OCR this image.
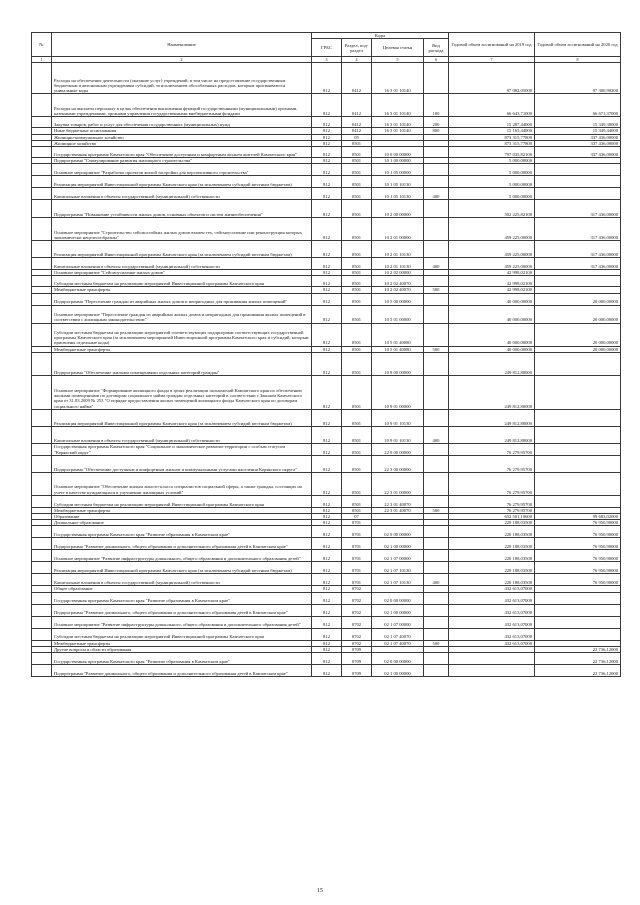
№	Наименование	Коды				Годовой объем ассигнований на 2019 год	Годовой объем ассигнований на 2020 год
		ГРБС	Раздел, под-раздел	Целевая статья	Вид расхода		
1	2	3	4	5	6	7	8
	Расходы на обеспечение деятельности (оказание услуг) учреждений, в том числе на предоставление государственным бюджетным и автономным учреждениям субсидий, за исключением обособленных расходов, которым присваиваются уникальные коды	812	0412	16 3 01 10140		97 082,05000	97 300,90200
	Расходы на выплаты персоналу в целях обеспечения выполнения функций государственными (муниципальными) органами, казенными учреждениями, органами управления государственными внебюджетными фондами	812	0412	16 3 01 10140	100	66 643,71000	66 671,37000
	Закупка товаров, работ и услуг для обеспечения государственных (муниципальных) нужд	812	0412	16 3 01 10140	200	15 287,44000	15 349,38000
	Иные бюджетные ассигнования	812	0412	16 3 01 10140	800	15 165,44000	15 349,44000
	Жилищно-коммунальное хозяйство	812	05			873 315,77800	337 436,00000
	Жилищное хозяйство	812	0501			873 315,77800	337 436,00000
	Государственная программа Камчатского края "Обеспечение доступным и комфортным жильем жителей Камчатского края"	812	0501	10 0 00 00000		797 035,82100	337 436,00000
	Подпрограмма "Стимулирование развития жилищного строительства"	812	0501	10 1 00 00000		5 000,00000	
	Основное мероприятие "Разработка проектов жилой застройки для перспективного строительства"	812	0501	10 1 05 00000		5 000,00000	
	Реализация мероприятий Инвестиционной программы Камчатского края (за исключением субсидий местным бюджетам)	812	0501	10 1 05 10130		5 000,00000	
	Капитальные вложения в объекты государственной (муниципальной) собственности	812	0501	10 1 05 10130	400	5 000,00000	
	Подпрограмма "Повышение устойчивости жилых домов, основных объектов и систем жизнеобеспечения"	812	0501	10 2 00 00000		502 225,82100	317 436,00000
	Основное мероприятие "Строительство сейсмостойких жилых домов взамен тех, сейсмоусиление или реконструкция которых экономически нецелесообразны"	812	0501	10 2 01 00000		459 225,00000	317 436,00000
	Реализация мероприятий Инвестиционной программы Камчатского края (за исключением субсидий местным бюджетам)	812	0501	10 2 01 10130		459 225,00000	317 436,00000
	Капитальные вложения в объекты государственной (муниципальной) собственности	812	0501	10 2 01 10130	400	459 225,00000	317 436,00000
	Основное мероприятие "Сейсмоусиление жилых домов"	812	0501	10 2 02 00000		42 998,02100	
	Субсидии местным бюджетам на реализацию мероприятий Инвестиционной программы Камчатского края	812	0501	10 2 02 40070		42 998,02100	
	Межбюджетные трансферты	812	0501	10 2 02 40070	500	42 998,02100	
	Подпрограмма "Переселение граждан из аварийных жилых домов и непригодных для проживания жилых помещений"	812	0501	10 5 00 00000		40 000,00000	20 000,00000
	Основное мероприятие "Переселение граждан из аварийных жилых домов и непригодных для проживания жилых помещений в соответствии с жилищным законодательством"	812	0501	10 5 01 00000		40 000,00000	20 000,00000
	Субсидии местным бюджетам на реализацию мероприятий соответствующих подпрограмм соответствующих государственной программы Камчатского края (за исключением мероприятий Инвестиционной программы Камчатского края и субсидий, которым присвоены отдельные коды)	812	0501	10 5 01 40080		40 000,00000	20 000,00000
	Межбюджетные трансферты	812	0501	10 5 01 40080	500	40 000,00000	20 000,00000
	Подпрограмма "Обеспечение жилыми помещениями отдельных категорий граждан"	812	0501	10 9 00 00000		249 812,80000	
	Основное мероприятие "Формирование жилищного фонда в целях реализации полномочий Камчатского края по обеспечению жилыми помещениями по договорам социального найма граждан отдельных категорий в соответствии с Законом Камчатского края от 31.03.2009 № 253 "О порядке предоставления жилых помещений жилищного фонда Камчатского края по договорам социального найма"	812	0501	10 9 01 00000		249 812,80000	
	Реализация мероприятий Инвестиционной программы Камчатского края (за исключением субсидий местным бюджетам)	812	0501	10 9 01 10130		249 812,80000	
	Капитальные вложения в объекты государственной (муниципальной) собственности	812	0501	10 9 01 10130	400	249 812,80000	
	Государственная программа Камчатского края "Социальное и экономическое развитие территории с особым статусом "Корякский округ"	812	0501	22 0 00 00000		76 279,95700	
	Подпрограмма "Обеспечение доступным и комфортным жильем и коммунальными услугами населения Корякского округа"	812	0501	22 3 00 00000		76 279,95700	
	Основное мероприятие "Обеспечение жилым жилого-класса специалистов социальной сферы, а также граждан, состоящих на учете в качестве нуждающихся в улучшении жилищных условий"	812	0501	22 3 01 00000		76 279,95700	
	Субсидии местным бюджетам на реализацию мероприятий Инвестиционной программы Камчатского края	812	0501	22 3 01 40070		76 279,95700	
	Межбюджетные трансферты	812	0501	22 3 01 40070	500	76 279,95700	
	Образование	812	07			652 501,10600	99 683,02000
	Дошкольное образование	812	0701			220 188,03500	76 950,90000
	Государственная программа Камчатского края "Развитие образования в Камчатском крае"	812	0701	02 0 00 00000		220 188,03500	76 950,90000
	Подпрограмма "Развитие дошкольного, общего образования и дополнительного образования детей в Камчатском крае"	812	0701	02 1 00 00000		220 188,03500	76 950,90000
	Основное мероприятие "Развитие инфраструктуры дошкольного, общего образования и дополнительного образования детей"	812	0701	02 1 07 00000		220 188,03500	76 950,90000
	Реализация мероприятий Инвестиционной программы Камчатского края (за исключением субсидий местным бюджетам)	812	0701	02 1 07 10130		220 188,03500	76 950,90000
	Капитальные вложения в объекты государственной (муниципальной) собственности	812	0701	02 1 07 10130	400	220 188,03500	76 950,90000
	Общее образование	812	0702			432 613,07000	
	Государственная программа Камчатского края "Развитие образования в Камчатском крае"	812	0702	02 0 00 00000		432 613,07000	
	Подпрограмма "Развитие дошкольного, общего образования и дополнительного образования детей в Камчатском крае"	812	0702	02 1 00 00000		432 613,07000	
	Основное мероприятие "Развитие инфраструктуры дошкольного, общего образования и дополнительного образования детей"	812	0702	02 1 07 00000		432 613,07000	
	Субсидии местным бюджетам на реализацию мероприятий Инвестиционной программы Камчатского края	812	0702	02 1 07 40070		432 613,07000	
	Межбюджетные трансферты	812	0702	02 1 07 40070	500	432 613,07000	
	Другие вопросы в области образования	812	0709				22 736,12000
	Государственная программа Камчатского края "Развитие образования в Камчатском крае"	812	0709	02 0 00 00000			22 736,12000
	Подпрограмма "Развитие дошкольного, общего образования и дополнительного образования детей в Камчатском крае"	812	0709	02 1 00 00000			22 736,12000
15
